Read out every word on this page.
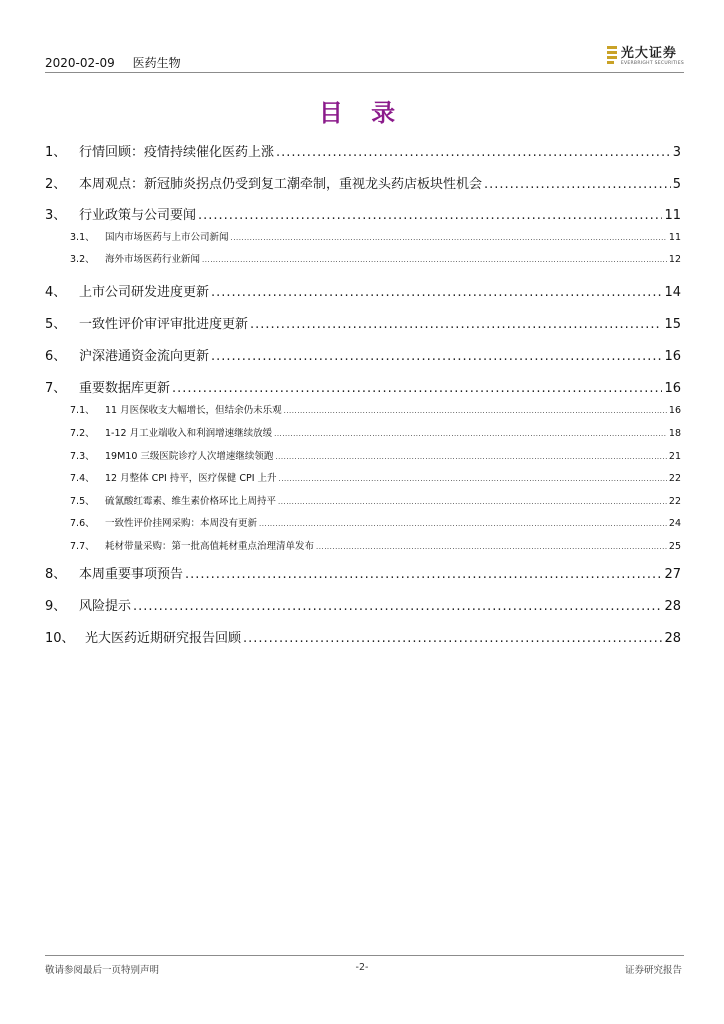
2020-02-09 医药生物
光大证券
EVERBRIGHT SECURITIES
目 录
1、 行情回顾：疫情持续催化医药上涨 .....	3
2、 本周观点：新冠肺炎拐点仍受到复工潮牵制，重视龙头药店板块性机会 .....	5
3、 行业政策与公司要闻 .....	11
3.1、	国内市场医药与上市公司新闻 .....	11
3.2、	海外市场医药行业新闻 .....	12
4、 上市公司研发进度更新 .....	14
5、 一致性评价审评审批进度更新 .....	15
6、 沪深港通资金流向更新 .....	16
7、 重要数据库更新 .....	16
7.1、	11 月医保收支大幅增长，但结余仍未乐观 .....	16
7.2、	1-12 月工业端收入和利润增速继续放缓 .....	18
7.3、	19M10 三级医院诊疗人次增速继续领跑 .....	21
7.4、	12 月整体 CPI 持平，医疗保健 CPI 上升 .....	22
7.5、	硫氰酸红霉素、维生素价格环比上周持平 .....	22
7.6、	一致性评价挂网采购：本周没有更新 .....	24
7.7、	耗材带量采购：第一批高值耗材重点治理清单发布 .....	25
8、 本周重要事项预告 .....	27
9、 风险提示 .....	28
10、 光大医药近期研究报告回顾 .....	28
敬请参阅最后一页特别声明	-2-	证券研究报告
